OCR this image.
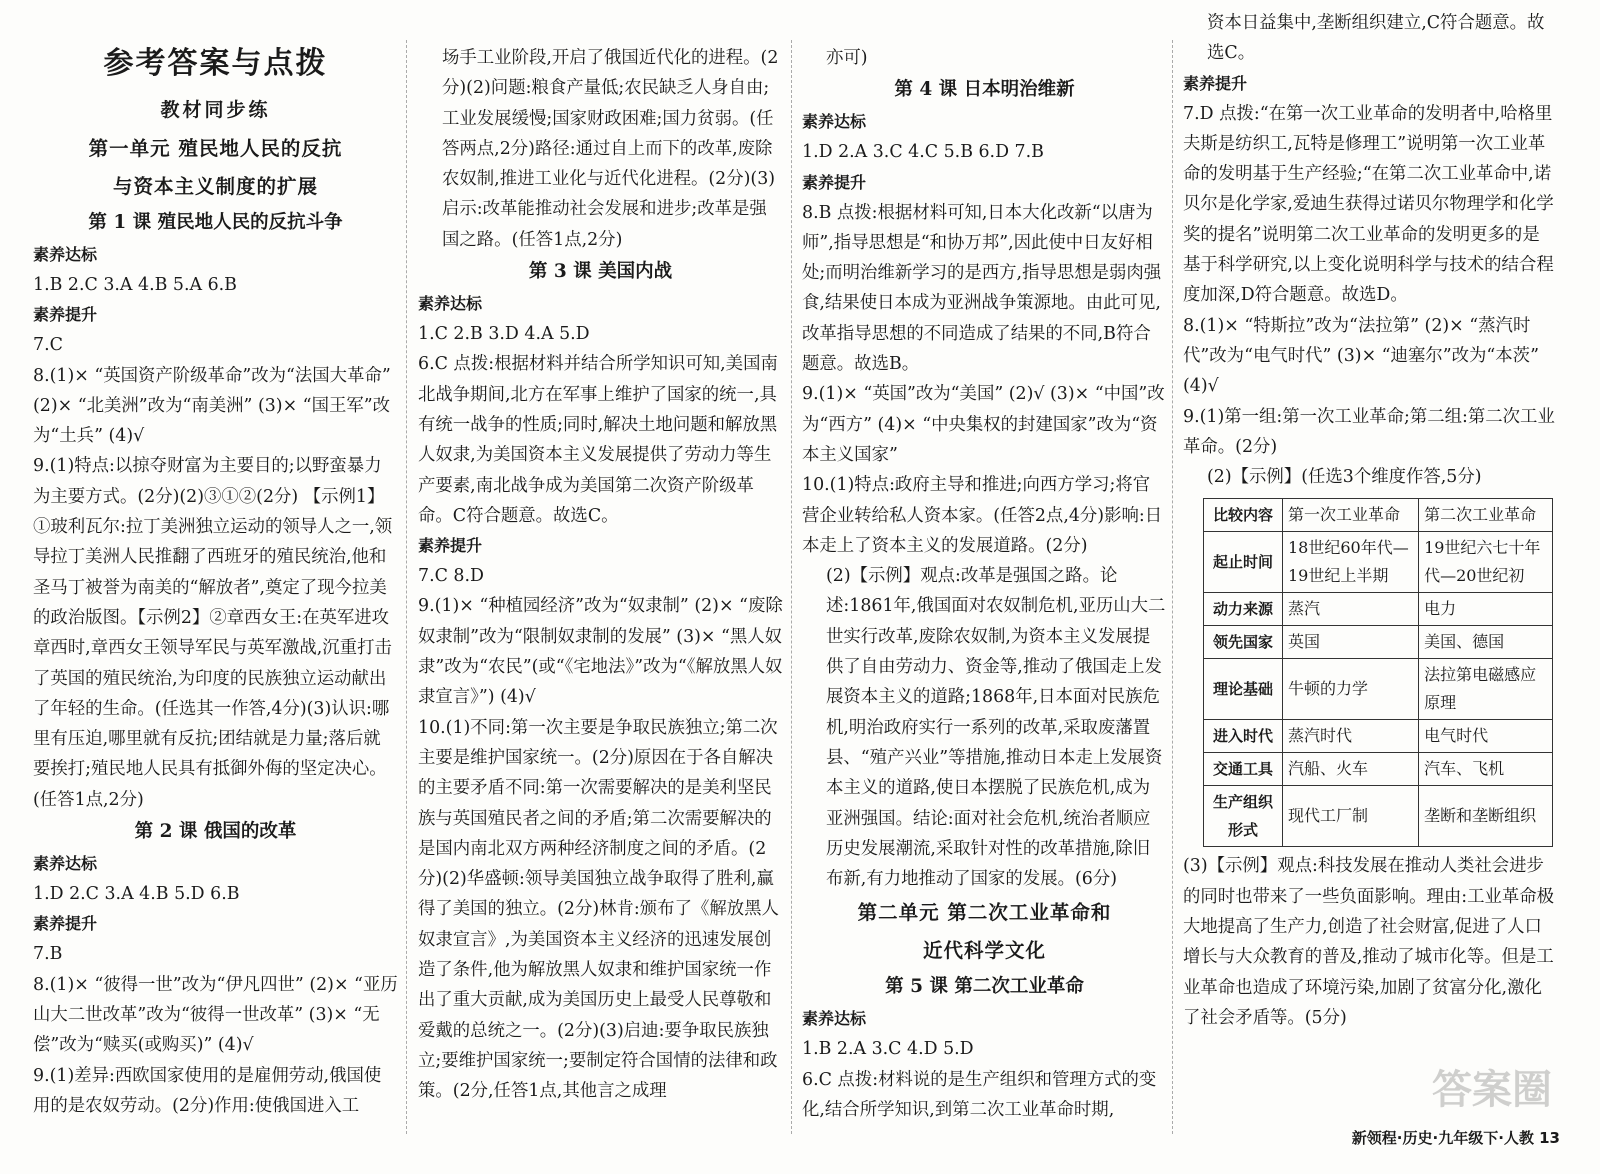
参考答案与点拨

教材同步练

第一单元 殖民地人民的反抗

与资本主义制度的扩展

第 1 课 殖民地人民的反抗斗争

素养达标

1.B 2.C 3.A 4.B 5.A 6.B

素养提升

7.C

8.(1)× “英国资产阶级革命”改为“法国大革命” (2)× “北美洲”改为“南美洲” (3)× “国王军”改为“土兵” (4)√

9.(1)特点:以掠夺财富为主要目的;以野蛮暴力为主要方式。(2分)(2)③①②(2分) 【示例1】①玻利瓦尔:拉丁美洲独立运动的领导人之一,领导拉丁美洲人民推翻了西班牙的殖民统治,他和圣马丁被誉为南美的“解放者”,奠定了现今拉美的政治版图。【示例2】②章西女王:在英军进攻章西时,章西女王领导军民与英军激战,沉重打击了英国的殖民统治,为印度的民族独立运动献出了年轻的生命。(任选其一作答,4分)(3)认识:哪里有压迫,哪里就有反抗;团结就是力量;落后就要挨打;殖民地人民具有抵御外侮的坚定决心。(任答1点,2分)

第 2 课 俄国的改革

素养达标

1.D 2.C 3.A 4.B 5.D 6.B

素养提升

7.B

8.(1)× “彼得一世”改为“伊凡四世” (2)× “亚历山大二世改革”改为“彼得一世改革” (3)× “无偿”改为“赎买(或购买)” (4)√

9.(1)差异:西欧国家使用的是雇佣劳动,俄国使用的是农奴劳动。(2分)作用:使俄国进入工

场手工业阶段,开启了俄国近代化的进程。(2分)(2)问题:粮食产量低;农民缺乏人身自由;工业发展缓慢;国家财政困难;国力贫弱。(任答两点,2分)路径:通过自上而下的改革,废除农奴制,推进工业化与近代化进程。(2分)(3)启示:改革能推动社会发展和进步;改革是强国之路。(任答1点,2分)

第 3 课 美国内战

素养达标

1.C 2.B 3.D 4.A 5.D

6.C 点拨:根据材料并结合所学知识可知,美国南北战争期间,北方在军事上维护了国家的统一,具有统一战争的性质;同时,解决土地问题和解放黑人奴隶,为美国资本主义发展提供了劳动力等生产要素,南北战争成为美国第二次资产阶级革命。C符合题意。故选C。

素养提升

7.C 8.D

9.(1)× “种植园经济”改为“奴隶制” (2)× “废除奴隶制”改为“限制奴隶制的发展” (3)× “黑人奴隶”改为“农民”(或“《宅地法》”改为“《解放黑人奴隶宣言》”) (4)√

10.(1)不同:第一次主要是争取民族独立;第二次主要是维护国家统一。(2分)原因在于各自解决的主要矛盾不同:第一次需要解决的是美利坚民族与英国殖民者之间的矛盾;第二次需要解决的是国内南北双方两种经济制度之间的矛盾。(2分)(2)华盛顿:领导美国独立战争取得了胜利,赢得了美国的独立。(2分)林肯:颁布了《解放黑人奴隶宣言》,为美国资本主义经济的迅速发展创造了条件,他为解放黑人奴隶和维护国家统一作出了重大贡献,成为美国历史上最受人民尊敬和爱戴的总统之一。(2分)(3)启迪:要争取民族独立;要维护国家统一;要制定符合国情的法律和政策。(2分,任答1点,其他言之成理

亦可)

第 4 课 日本明治维新

素养达标

1.D 2.A 3.C 4.C 5.B 6.D 7.B

素养提升

8.B 点拨:根据材料可知,日本大化改新“以唐为师”,指导思想是“和协万邦”,因此使中日友好相处;而明治维新学习的是西方,指导思想是弱肉强食,结果使日本成为亚洲战争策源地。由此可见,改革指导思想的不同造成了结果的不同,B符合题意。故选B。

9.(1)× “英国”改为“美国” (2)√ (3)× “中国”改为“西方” (4)× “中央集权的封建国家”改为“资本主义国家”

10.(1)特点:政府主导和推进;向西方学习;将官营企业转给私人资本家。(任答2点,4分)影响:日本走上了资本主义的发展道路。(2分)

(2)【示例】观点:改革是强国之路。论述:1861年,俄国面对农奴制危机,亚历山大二世实行改革,废除农奴制,为资本主义发展提供了自由劳动力、资金等,推动了俄国走上发展资本主义的道路;1868年,日本面对民族危机,明治政府实行一系列的改革,采取废藩置县、“殖产兴业”等措施,推动日本走上发展资本主义的道路,使日本摆脱了民族危机,成为亚洲强国。结论:面对社会危机,统治者顺应历史发展潮流,采取针对性的改革措施,除旧布新,有力地推动了国家的发展。(6分)

第二单元 第二次工业革命和

近代科学文化

第 5 课 第二次工业革命

素养达标

1.B 2.A 3.C 4.D 5.D

6.C 点拨:材料说的是生产组织和管理方式的变化,结合所学知识,到第二次工业革命时期,

资本日益集中,垄断组织建立,C符合题意。故选C。

素养提升

7.D 点拨:“在第一次工业革命的发明者中,哈格里夫斯是纺织工,瓦特是修理工”说明第一次工业革命的发明基于生产经验;“在第二次工业革命中,诺贝尔是化学家,爱迪生获得过诺贝尔物理学和化学奖的提名”说明第二次工业革命的发明更多的是基于科学研究,以上变化说明科学与技术的结合程度加深,D符合题意。故选D。

8.(1)× “特斯拉”改为“法拉第” (2)× “蒸汽时代”改为“电气时代” (3)× “迪塞尔”改为“本茨” (4)√

9.(1)第一组:第一次工业革命;第二组:第二次工业革命。(2分)

(2)【示例】(任选3个维度作答,5分)

比较内容	第一次工业革命	第二次工业革命
起止时间	18世纪60年代—19世纪上半期	19世纪六七十年代—20世纪初
动力来源	蒸汽	电力
领先国家	英国	美国、德国
理论基础	牛顿的力学	法拉第电磁感应原理
进入时代	蒸汽时代	电气时代
交通工具	汽船、火车	汽车、飞机
生产组织形式	现代工厂制	垄断和垄断组织

(3)【示例】观点:科技发展在推动人类社会进步的同时也带来了一些负面影响。理由:工业革命极大地提高了生产力,创造了社会财富,促进了人口增长与大众教育的普及,推动了城市化等。但是工业革命也造成了环境污染,加剧了贫富分化,激化了社会矛盾等。(5分)

答案圈
新领程·历史·九年级下·人教 13
